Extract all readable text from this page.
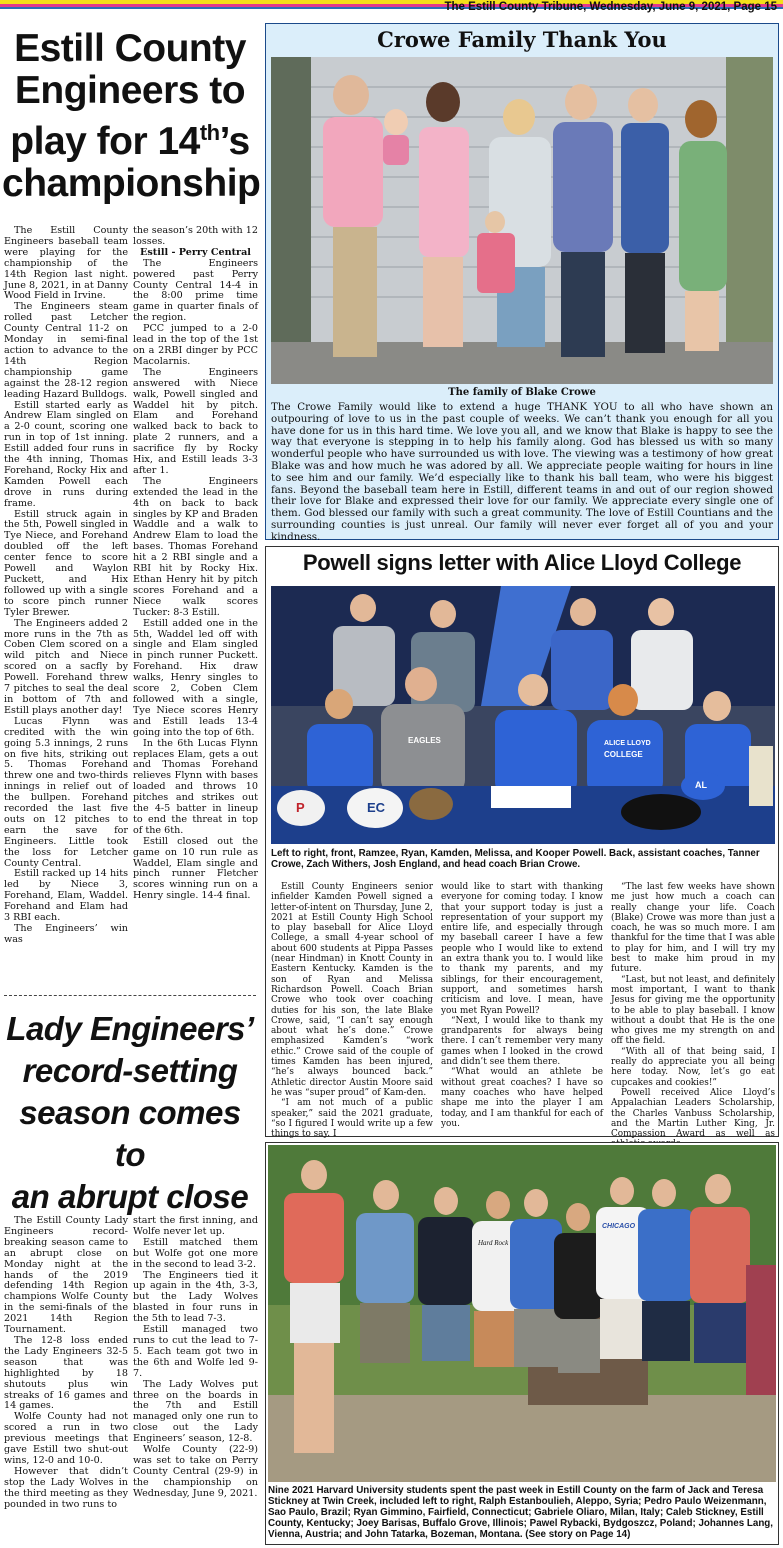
The Estill County Tribune, Wednesday, June 9, 2021, Page 15
Estill County
Engineers to
play for 14th’s
championship

The Estill County Engineers baseball team were playing for the championship of the 14th Region last night. June 8, 2021, in at Danny Wood Field in Irvine.

The Engineers steam rolled past Letcher County Central 11-2 on Monday in semi-final action to advance to the 14th Region championship game against the 28-12 region leading Hazard Bulldogs.

Estill started early as Andrew Elam singled on a 2-0 count, scoring one run in top of 1st inning. Estill added four runs in the 4th inning, Thomas Forehand, Rocky Hix and Kamden Powell each drove in runs during frame.

Estill struck again in the 5th, Powell singled in Tye Niece, and Forehand doubled off the left center fence to score Powell and Waylon Puckett, and Hix followed up with a single to score pinch runner Tyler Brewer.

The Engineers added 2 more runs in the 7th as Coben Clem scored on a wild pitch and Niece scored on a sacfly by Powell. Forehand threw 7 pitches to seal the deal in bottom of 7th and Estill plays another day!

Lucas Flynn was credited with the win going 5.3 innings, 2 runs on five hits, striking out 5. Thomas Forehand threw one and two-thirds innings in relief out of the bullpen. Forehand recorded the last five outs on 12 pitches to earn the save for Engineers. Little took the loss for Letcher County Central.

Estill racked up 14 hits led by Niece 3, Forehand, Elam, Waddel. Forehand and Elam had 3 RBI each.

The Engineers’ win was

the season’s 20th with 12 losses.

Estill - Perry Central

The Engineers powered past Perry County Central 14-4 in the 8:00 prime time game in quarter finals of the region.

PCC jumped to a 2-0 lead in the top of the 1st on a 2RBI dinger by PCC Macolarnis.

The Engineers answered with Niece walk, Powell singled and Waddel hit by pitch. Elam and Forehand walked back to back to plate 2 runners, and a sacrifice fly by Rocky Hix, and Estill leads 3-3 after 1.

The Engineers extended the lead in the 4th on back to back singles by KP and Braden Waddle and a walk to Andrew Elam to load the bases. Thomas Forehand hit a 2 RBI single and a RBI hit by Rocky Hix. Ethan Henry hit by pitch scores Forehand and a Niece walk scores Tucker: 8-3 Estill.

Estill added one in the 5th, Waddel led off with single and Elam singled in pinch runner Puckett. Forehand. Hix draw walks, Henry singles to score 2, Coben Clem followed with a single, Tye Niece scores Henry and Estill leads 13-4 going into the top of 6th.

In the 6th Lucas Flynn replaces Elam, gets a out and Thomas Forehand relieves Flynn with bases loaded and throws 10 pitches and strikes out the 4-5 batter in lineup to end the threat in top of the 6th.

Estill closed out the game on 10 run rule as Waddel, Elam single and pinch runner Fletcher scores winning run on a Henry single. 14-4 final.

Lady Engineers’
record-setting
season comes to
an abrupt close

The Estill County Lady Engineers record-breaking season came to an abrupt close on Monday night at the hands of the 2019 defending 14th Region champions Wolfe County in the semi-finals of the 2021 14th Region Tournament.

The 12-8 loss ended the Lady Engineers 32-5 season that was highlighted by 18 shutouts plus win streaks of 16 games and 14 games.

Wolfe County had not scored a run in two previous meetings that gave Estill two shut-out wins, 12-0 and 10-0.

However that didn’t stop the Lady Wolves in the third meeting as they pounded in two runs to

start the first inning, and Wolfe never let up.

Estill matched them but Wolfe got one more in the second to lead 3-2.

The Engineers tied it up again in the 4th, 3-3, but the Lady Wolves blasted in four runs in the 5th to lead 7-3.

Estill managed two runs to cut the lead to 7-5. Each team got two in the 6th and Wolfe led 9-7.

The Lady Wolves put three on the boards in the 7th and Estill managed only one run to close out the Lady Engineers’ season, 12-8.

Wolfe County (22-9) was set to take on Perry County Central (29-9) in the championship on Wednesday, June 9, 2021.

Crowe Family Thank You
The family of Blake Crowe
The Crowe Family would like to extend a huge THANK YOU to all who have shown an outpouring of love to us in the past couple of weeks. We can’t thank you enough for all you have done for us in this hard time. We love you all, and we know that Blake is happy to see the way that everyone is stepping in to help his family along. God has blessed us with so many wonderful people who have surrounded us with love. The viewing was a testimony of how great Blake was and how much he was adored by all. We appreciate people waiting for hours in line to see him and our family. We’d especially like to thank his ball team, who were his biggest fans. Beyond the baseball team here in Estill, different teams in and out of our region showed their love for Blake and expressed their love for our family. We appreciate every single one of them. God blessed our family with such a great community. The love of Estill Countians and the surrounding counties is just unreal. Our family will never ever forget all of you and your kindness.
Powell signs letter with Alice Lloyd College
ALICE LLOYD
COLLEGE
EC
P
EAGLES
AL
Left to right, front, Ramzee, Ryan, Kamden, Melissa, and Kooper Powell. Back, assistant coaches, Tanner Crowe, Zach Withers, Josh England, and head coach Brian Crowe.

Estill County Engineers senior infielder Kamden Powell signed a letter-of-intent on Thursday, June 2, 2021 at Estill County High School to play baseball for Alice Lloyd College, a small 4-year school of about 600 students at Pippa Passes (near Hindman) in Knott County in Eastern Kentucky. Kamden is the son of Ryan and Melissa Richardson Powell. Coach Brian Crowe who took over coaching duties for his son, the late Blake Crowe, said, “I can’t say enough about what he’s done.” Crowe emphasized Kamden’s “work ethic.” Crowe said of the couple of times Kamden has been injured, “he’s always bounced back.” Athletic director Austin Moore said he was “super proud” of Kam-den.

“I am not much of a public speaker,” said the 2021 graduate, “so I figured I would write up a few things to say. I

would like to start with thanking everyone for coming today. I know that your support today is just a representation of your support my entire life, and especially through my baseball career I have a few people who I would like to extend an extra thank you to. I would like to thank my parents, and my siblings, for their encouragement, support, and sometimes harsh criticism and love. I mean, have you met Ryan Powell?

“Next, I would like to thank my grandparents for always being there. I can’t remember very many games when I looked in the crowd and didn’t see them there.

“What would an athlete be without great coaches? I have so many coaches who have helped shape me into the player I am today, and I am thankful for each of you.

“The last few weeks have shown me just how much a coach can really change your life. Coach (Blake) Crowe was more than just a coach, he was so much more. I am thankful for the time that I was able to play for him, and I will try my best to make him proud in my future.

“Last, but not least, and definitely most important, I want to thank Jesus for giving me the opportunity to be able to play baseball. I know without a doubt that He is the one who gives me my strength on and off the field.

“With all of that being said, I really do appreciate you all being here today. Now, let’s go eat cupcakes and cookies!”

Powell received Alice Lloyd’s Appalachian Leaders Scholarship, the Charles Vanbuss Scholarship, and the Martin Luther King, Jr. Compassion Award as well as

Hard Rock
CHICAGO
Nine 2021 Harvard University students spent the past week in Estill County on the farm of Jack and Teresa Stickney at Twin Creek, included left to right, Ralph Estanboulieh, Aleppo, Syria; Pedro Paulo Weizenmann, Sao Paulo, Brazil; Ryan Gimmino, Fairfield, Connecticut; Gabriele Oliaro, Milan, Italy; Caleb Stickney, Estill County, Kentucky; Joey Barisas, Buffalo Grove, Illinois; Pawel Rybacki, Bydgoszcz, Poland; Johannes Lang, Vienna, Austria; and John Tatarka, Bozeman, Montana. (See story on Page 14)
